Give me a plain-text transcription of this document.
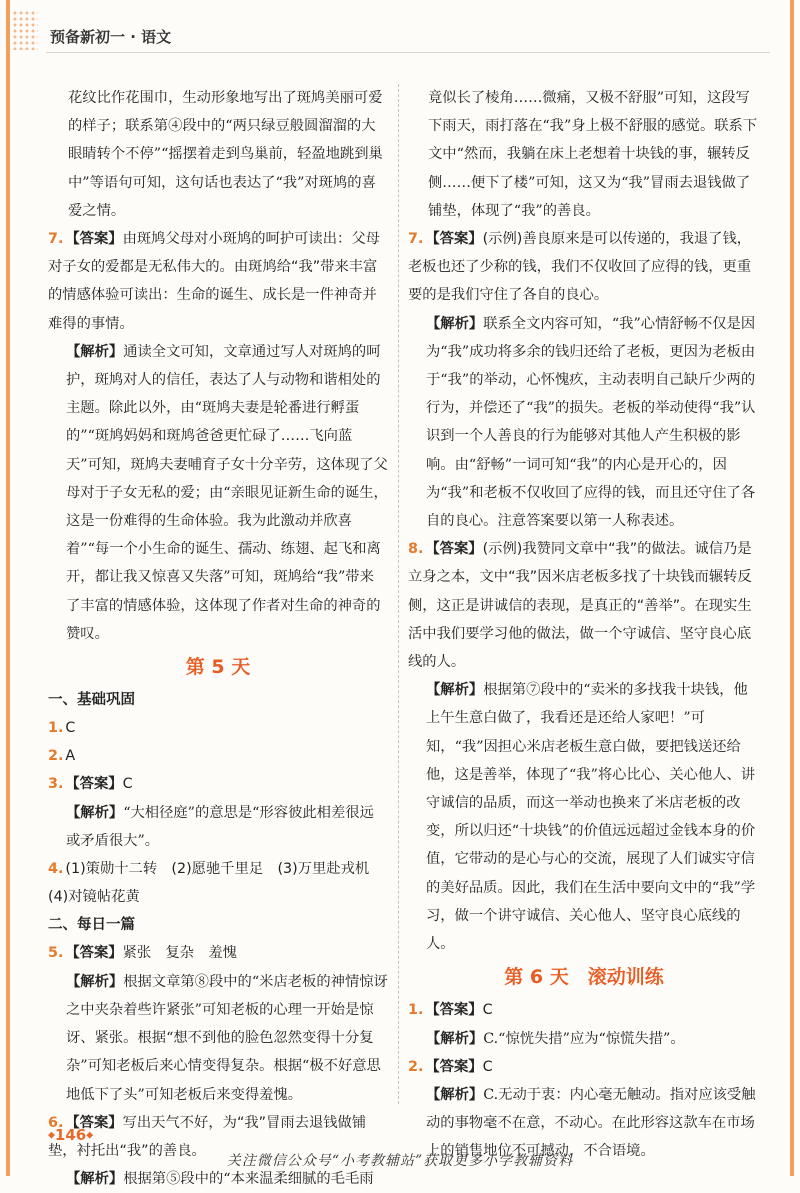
预备新初一 · 语文
花纹比作花围巾，生动形象地写出了斑鸠美丽可爱的样子；联系第④段中的“两只绿豆般圆溜溜的大眼睛转个不停”“摇摆着走到鸟巢前，轻盈地跳到巢中”等语句可知，这句话也表达了“我”对斑鸠的喜爱之情。
7. 【答案】由斑鸠父母对小斑鸠的呵护可读出：父母对子女的爱都是无私伟大的。由斑鸠给“我”带来丰富的情感体验可读出：生命的诞生、成长是一件神奇并难得的事情。
【解析】通读全文可知，文章通过写人对斑鸠的呵护，斑鸠对人的信任，表达了人与动物和谐相处的主题。除此以外，由“斑鸠夫妻是轮番进行孵蛋的”“斑鸠妈妈和斑鸠爸爸更忙碌了……飞向蓝天”可知，斑鸠夫妻哺育子女十分辛劳，这体现了父母对于子女无私的爱；由“亲眼见证新生命的诞生，这是一份难得的生命体验。我为此激动并欣喜着”“每一个小生命的诞生、孺动、练翅、起飞和离开，都让我又惊喜又失落”可知，斑鸠给“我”带来了丰富的情感体验，这体现了作者对生命的神奇的赞叹。
第 5 天
一、基础巩固
1. C
2. A
3. 【答案】C
【解析】“大相径庭”的意思是“形容彼此相差很远或矛盾很大”。
4. (1)策勋十二转　(2)愿驰千里足　(3)万里赴戎机　(4)对镜帖花黄
二、每日一篇
5. 【答案】紧张　复杂　羞愧
【解析】根据文章第⑧段中的“米店老板的神情惊讶之中夹杂着些许紧张”可知老板的心理一开始是惊讶、紧张。根据“想不到他的脸色忽然变得十分复杂”可知老板后来心情变得复杂。根据“极不好意思地低下了头”可知老板后来变得羞愧。
6. 【答案】写出天气不好，为“我”冒雨去退钱做铺垫，衬托出“我”的善良。
【解析】根据第⑤段中的“本来温柔细腻的毛毛雨
竟似长了棱角……微痛，又极不舒服”可知，这段写下雨天，雨打落在“我”身上极不舒服的感觉。联系下文中“然而，我躺在床上老想着十块钱的事，辗转反侧……便下了楼”可知，这又为“我”冒雨去退钱做了铺垫，体现了“我”的善良。
7. 【答案】(示例)善良原来是可以传递的，我退了钱，老板也还了少称的钱，我们不仅收回了应得的钱，更重要的是我们守住了各自的良心。
【解析】联系全文内容可知，“我”心情舒畅不仅是因为“我”成功将多余的钱归还给了老板，更因为老板由于“我”的举动，心怀愧疚，主动表明自己缺斤少两的行为，并偿还了“我”的损失。老板的举动使得“我”认识到一个人善良的行为能够对其他人产生积极的影响。由“舒畅”一词可知“我”的内心是开心的，因为“我”和老板不仅收回了应得的钱，而且还守住了各自的良心。注意答案要以第一人称表述。
8. 【答案】(示例)我赞同文章中“我”的做法。诚信乃是立身之本，文中“我”因米店老板多找了十块钱而辗转反侧，这正是讲诚信的表现，是真正的“善举”。在现实生活中我们要学习他的做法，做一个守诚信、坚守良心底线的人。
【解析】根据第⑦段中的“卖米的多找我十块钱，他上午生意白做了，我看还是还给人家吧！”可知，“我”因担心米店老板生意白做，要把钱送还给他，这是善举，体现了“我”将心比心、关心他人、讲守诚信的品质，而这一举动也换来了米店老板的改变，所以归还“十块钱”的价值远远超过金钱本身的价值，它带动的是心与心的交流，展现了人们诚实守信的美好品质。因此，我们在生活中要向文中的“我”学习，做一个讲守诚信、关心他人、坚守良心底线的人。
第 6 天　滚动训练
1. 【答案】C
【解析】C.“惊恍失措”应为“惊慌失措”。
2. 【答案】C
【解析】C.无动于衷：内心毫无触动。指对应该受触动的事物毫不在意，不动心。在此形容这款车在市场上的销售地位不可撼动，不合语境。
◆146◆
关注微信公众号“小考教辅站”获取更多小学教辅资料
